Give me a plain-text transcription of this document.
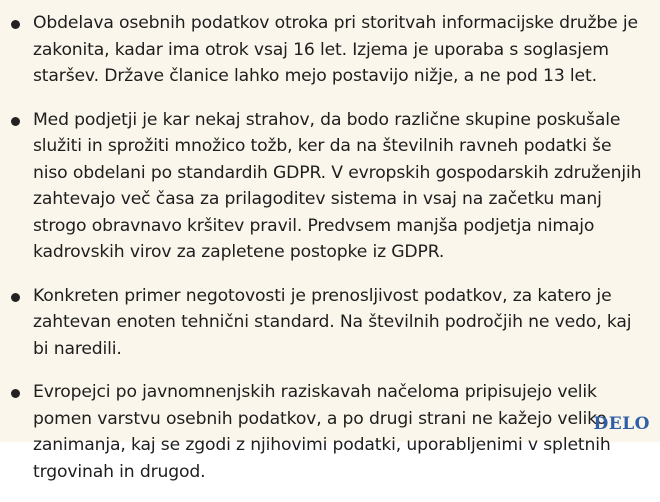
Obdelava osebnih podatkov otroka pri storitvah informacijske družbe je zakonita, kadar ima otrok vsaj 16 let. Izjema je uporaba s soglasjem staršev. Države članice lahko mejo postavijo nižje, a ne pod 13 let.
Med podjetji je kar nekaj strahov, da bodo različne skupine poskušale služiti in sprožiti množico tožb, ker da na številnih ravneh podatki še niso obdelani po standardih GDPR. V evropskih gospodarskih združenjih zahtevajo več časa za prilagoditev sistema in vsaj na začetku manj strogo obravnavo kršitev pravil. Predvsem manjša podjetja nimajo kadrovskih virov za zapletene postopke iz GDPR.
Konkreten primer negotovosti je prenosljivost podatkov, za katero je zahtevan enoten tehnični standard. Na številnih področjih ne vedo, kaj bi naredili.
Evropejci po javnomnenjskih raziskavah načeloma pripisujejo velik pomen varstvu osebnih podatkov, a po drugi strani ne kažejo veliko zanimanja, kaj se zgodi z njihovimi podatki, uporabljenimi v spletnih trgovinah in drugod.
DELO
